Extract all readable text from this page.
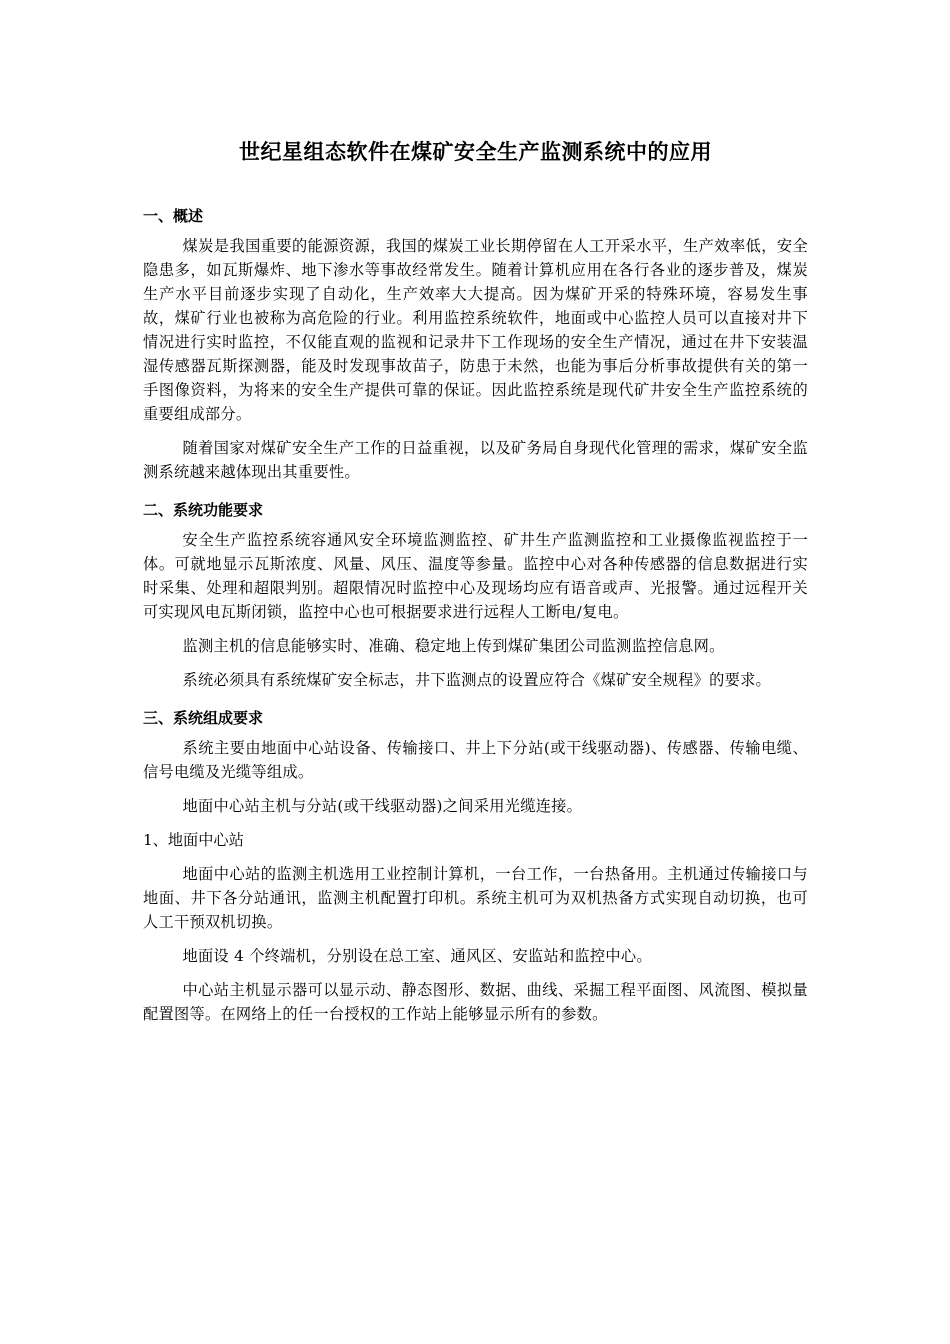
世纪星组态软件在煤矿安全生产监测系统中的应用
一、概述

煤炭是我国重要的能源资源，我国的煤炭工业长期停留在人工开采水平，生产效率低，安全隐患多，如瓦斯爆炸、地下渗水等事故经常发生。随着计算机应用在各行各业的逐步普及，煤炭生产水平目前逐步实现了自动化，生产效率大大提高。因为煤矿开采的特殊环境，容易发生事故，煤矿行业也被称为高危险的行业。利用监控系统软件，地面或中心监控人员可以直接对井下情况进行实时监控，不仅能直观的监视和记录井下工作现场的安全生产情况，通过在井下安装温湿传感器瓦斯探测器，能及时发现事故苗子，防患于未然，也能为事后分析事故提供有关的第一手图像资料，为将来的安全生产提供可靠的保证。因此监控系统是现代矿井安全生产监控系统的重要组成部分。

随着国家对煤矿安全生产工作的日益重视，以及矿务局自身现代化管理的需求，煤矿安全监测系统越来越体现出其重要性。

二、系统功能要求

安全生产监控系统容通风安全环境监测监控、矿井生产监测监控和工业摄像监视监控于一体。可就地显示瓦斯浓度、风量、风压、温度等参量。监控中心对各种传感器的信息数据进行实时采集、处理和超限判别。超限情况时监控中心及现场均应有语音或声、光报警。通过远程开关可实现风电瓦斯闭锁，监控中心也可根据要求进行远程人工断电/复电。

监测主机的信息能够实时、准确、稳定地上传到煤矿集团公司监测监控信息网。

系统必须具有系统煤矿安全标志，井下监测点的设置应符合《煤矿安全规程》的要求。

三、系统组成要求

系统主要由地面中心站设备、传输接口、井上下分站(或干线驱动器)、传感器、传输电缆、信号电缆及光缆等组成。

地面中心站主机与分站(或干线驱动器)之间采用光缆连接。

1、地面中心站

地面中心站的监测主机选用工业控制计算机，一台工作，一台热备用。主机通过传输接口与地面、井下各分站通讯，监测主机配置打印机。系统主机可为双机热备方式实现自动切换，也可人工干预双机切换。

地面设 4 个终端机，分别设在总工室、通风区、安监站和监控中心。

中心站主机显示器可以显示动、静态图形、数据、曲线、采掘工程平面图、风流图、模拟量配置图等。在网络上的任一台授权的工作站上能够显示所有的参数。
